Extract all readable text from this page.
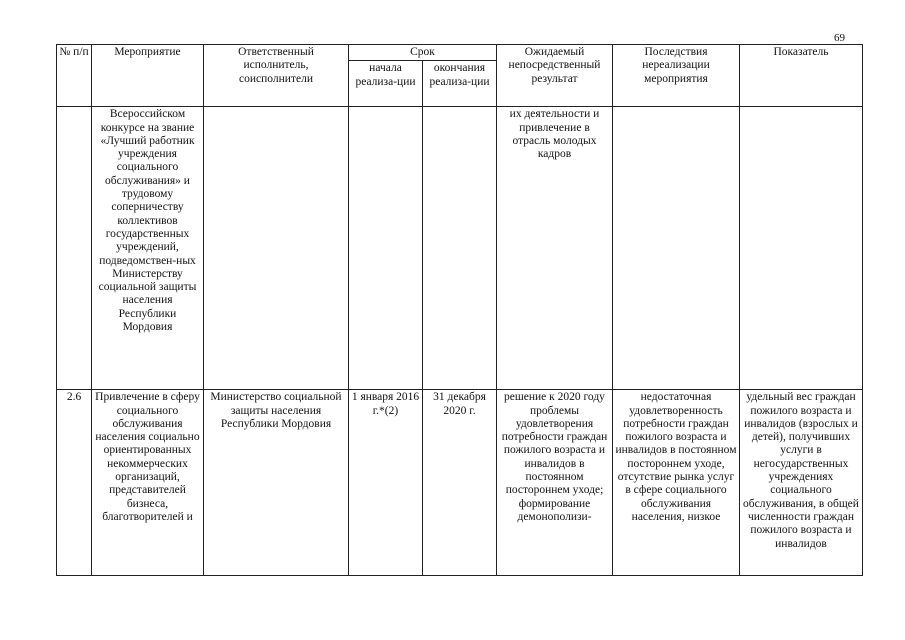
69
№ п/п	Мероприятие	Ответственный исполнитель, соисполнители	Срок		Ожидаемый непосредственный результат	Последствия нереализации мероприятия	Показатель
			начала реализа-ции	окончания реализа-ции			
	Всероссийском конкурсе на звание «Лучший работник учреждения социального обслуживания» и трудовому соперничеству коллективов государственных учреждений, подведомствен-ных Министерству социальной защиты населения Республики Мордовия				их деятельности и привлечение в отрасль молодых кадров		
2.6	Привлечение в сферу социального обслуживания населения социально ориентированных некоммерческих организаций, представителей бизнеса, благотворителей и	Министерство социальной защиты населения Республики Мордовия	1 января 2016 г.*(2)	31 декабря 2020 г.	решение к 2020 году проблемы удовлетворения потребности граждан пожилого возраста и инвалидов в постоянном постороннем уходе; формирование демонополизи-	недостаточная удовлетворенность потребности граждан пожилого возраста и инвалидов в постоянном постороннем уходе, отсутствие рынка услуг в сфере социального обслуживания населения, низкое	удельный вес граждан пожилого возраста и инвалидов (взрослых и детей), получивших услуги в негосударственных учреждениях социального обслуживания, в общей численности граждан пожилого возраста и инвалидов
